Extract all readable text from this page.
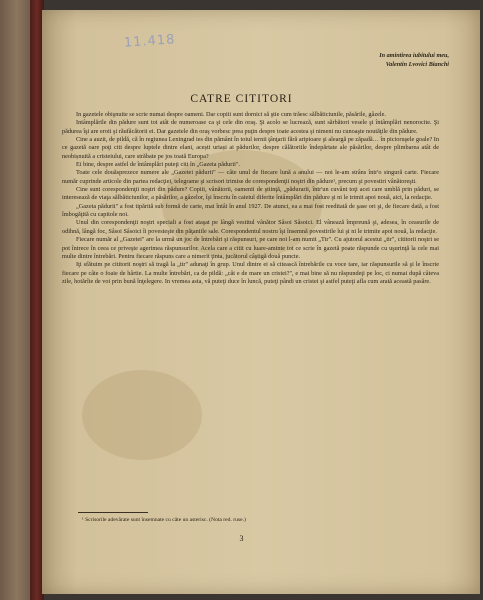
11.418
In amintirea iubitului meu,
Valentin Lvovici Bianchi
CATRE CITITORI

In gazetele obişnuite se scrie numai despre oameni. Dar copiii sunt dornici să ştie cum trăesc sălbăticiunile, păsările, gâzele.

Intâmplările din pădure sunt tot atât de numeroase ca şi cele din oraş. Şi acolo se lucrează, sunt sărbători vesele şi întâmplări nenorocite. Şi pădurea îşi are eroii şi răufăcătorii ei. Dar gazetele din oraş vorbesc prea puţin despre toate acestea şi nimeni nu cunoaşte noutăţile din pădure.

Cine a auzit, de pildă, că în regiunea Leningrad ies din pământ în toiul iernii ţânţarii fără aripioare şi aleargă pe zăpadă… în picioruşele goale? In ce gazetă oare poţi citi despre luptele dintre elani, acești uriași ai pădurilor, despre călătoriile îndepărtate ale păsărilor, despre plimbarea atât de neobișnuită a cristeiului, care străbate pe jos toată Europa?

Ei bine, despre astfel de întâmplări puteţi citi în „Gazeta pădurii".

Toate cele douăsprezece numere ale „Gazetei pădurii" — câte unul de fiecare lună a anului — noi le-am strâns într'o singură carte. Fiecare număr cuprinde articole din partea redacţiei, telegrame şi scrisori trimise de corespondenţii noştri din pădure¹, precum şi povestiri vânătoreşti.

Cine sunt corespondenţii noştri din pădure? Copiii, vânătorii, oamenii de ştiinţă, „pădurarii, într'un cuvânt toţi acei care umblă prin păduri, se interesează de viaţa sălbăticiunilor, a păsărilor, a gâzelor, îşi înscriu în caietul diferite întâmplări din pădure şi ni le trimit apoi nouă, aici, la redacţie.

„Gazeta pădurii" a fost tipărită sub formă de carte, mai întâi în anul 1927. De atunci, ea a mai fost reeditată de şase ori şi, de fiecare dată, a fost îmbogăţită cu capitole noi.

Unul din corespondenţii noştri speciali a fost ataşat pe lângă vestitul vânător Sâsoi Sâsoici. El vânează împreună şi, adesea, în ceasurile de odihnă, lângă foc, Sâsoi Sâsoici îi povesteşte din păţaniile sale. Corespondentul nostru îşi însemnă povestirile lui şi ni le trimite apoi nouă, la redacţie.

Fiecare număr al „Gazetei" are la urmă un joc de întrebări şi răspunsuri, pe care noi l-am numit „Tir". Cu ajutorul acestui „tir", cititorii noştri se pot întrece în ceea ce priveşte agerimea răspunsurilor. Acela care a citit cu luare-aminte tot ce scrie în gazetă poate răspunde cu uşurinţă la cele mai multe dintre întrebări. Pentru fiecare răspuns care a nimerit ţinta, jucătorul câştigă două puncte.

Iţi sfătuim pe cititorii noştri să tragă la „tir" adunaţi în grup. Unul dintre ei să citească întrebările cu voce tare, iar răspunsurile să şi le înscrie fiecare pe câte o foaie de hârtie. La multe întrebări, ca de pildă: „cât e de mare un cristei?", e mai bine să nu răspundeţi pe loc, ci numai după câteva zile, hotărîte de voi prin bună înţelegere. In vremea asta, vă puteţi duce în luncă, puteţi pândi un cristei şi astfel puteţi afla cum arată această pasăre.

¹ Scrisorile adevărate sunt însemnate cu câte un asterisc. (Nota red. ruse.)
3
